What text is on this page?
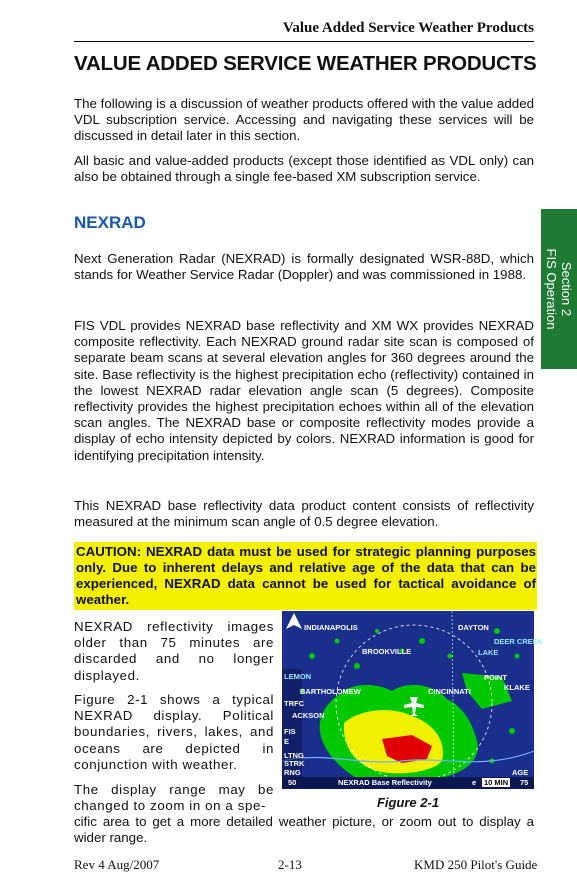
Value Added Service Weather Products
VALUE ADDED SERVICE WEATHER PRODUCTS

The following is a discussion of weather products offered with the value added VDL subscription service. Accessing and navigating these services will be discussed in detail later in this section.

All basic and value-added products (except those identified as VDL only) can also be obtained through a single fee-based XM subscription service.

NEXRAD

Next Generation Radar (NEXRAD) is formally designated WSR-88D, which stands for Weather Service Radar (Doppler) and was commissioned in 1988.

FIS VDL provides NEXRAD base reflectivity and XM WX provides NEXRAD composite reflectivity. Each NEXRAD ground radar site scan is composed of separate beam scans at several elevation angles for 360 degrees around the site. Base reflectivity is the highest precipitation echo (reflectivity) contained in the lowest NEXRAD radar elevation angle scan (5 degrees). Composite reflectivity provides the highest precipitation echoes within all of the elevation scan angles. The NEXRAD base or composite reflectivity modes provide a display of echo intensity depicted by colors. NEXRAD information is good for identifying precipitation intensity.

This NEXRAD base reflectivity data product content consists of reflectivity measured at the minimum scan angle of 0.5 degree elevation.

CAUTION: NEXRAD data must be used for strategic planning purposes only. Due to inherent delays and relative age of the data that can be experienced, NEXRAD data cannot be used for tactical avoidance of weather.

Section 2
FIS Operation

NEXRAD reflectivity images older than 75 minutes are discarded and no longer displayed.

Figure 2-1 shows a typical NEXRAD display. Political boundaries, rivers, lakes, and oceans are depicted in conjunction with weather.

The display range may be changed to zoom in on a spe-

cific area to get a more detailed weather picture, or zoom out to display a wider range.

INDIANAPOLIS	DAYTON
BROOKVILLE
DEER CREEK
LAKE
LEMON
BARTHOLOMEW
POINT
KLAKE
CINCINNATI
ACKSON
TRFC
FIS
E
LTNG
STRK
RNG
50	NEXRAD Base Reflectivity
AGE
e 10 MIN 75
Figure 2-1
Rev 4 Aug/2007	2-13	KMD 250 Pilot's Guide
